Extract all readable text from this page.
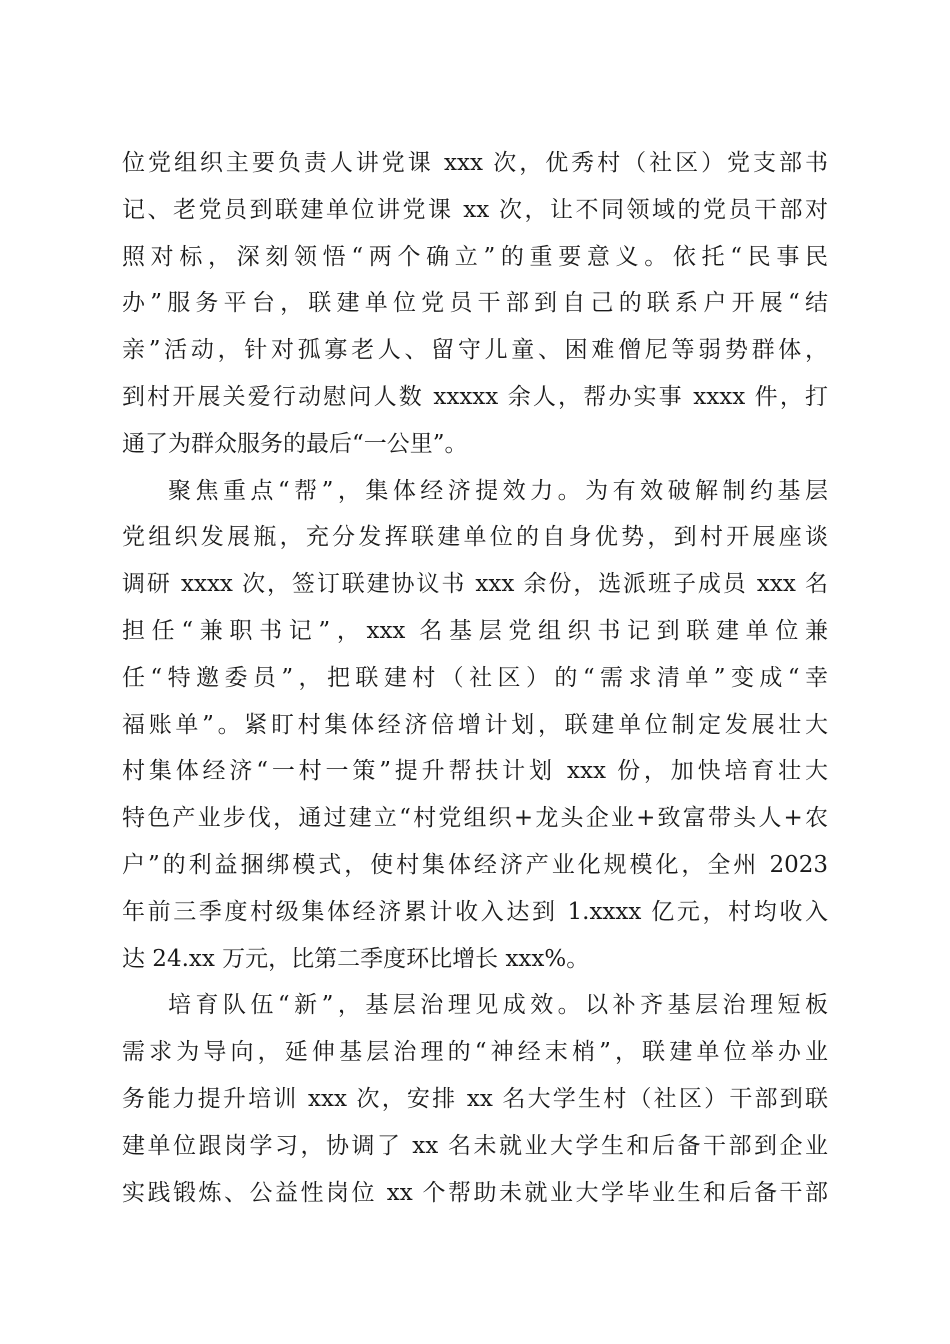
位党组织主要负责人讲党课 xxx 次，优秀村（社区）党支部书
记、老党员到联建单位讲党课 xx 次，让不同领域的党员干部对
照对标，深刻领悟“两个确立”的重要意义。依托“民事民
办”服务平台，联建单位党员干部到自己的联系户开展“结
亲”活动，针对孤寡老人、留守儿童、困难僧尼等弱势群体，
到村开展关爱行动慰问人数 xxxxx 余人，帮办实事 xxxx 件，打
通了为群众服务的最后“一公里”。
聚焦重点“帮”，集体经济提效力。为有效破解制约基层
党组织发展瓶，充分发挥联建单位的自身优势，到村开展座谈
调研 xxxx 次，签订联建协议书 xxx 余份，选派班子成员 xxx 名
担任“兼职书记”，xxx 名基层党组织书记到联建单位兼
任“特邀委员”，把联建村（社区）的“需求清单”变成“幸
福账单”。紧盯村集体经济倍增计划，联建单位制定发展壮大
村集体经济“一村一策”提升帮扶计划 xxx 份，加快培育壮大
特色产业步伐，通过建立“村党组织+龙头企业+致富带头人+农
户”的利益捆绑模式，使村集体经济产业化规模化，全州 2023
年前三季度村级集体经济累计收入达到 1.xxxx 亿元，村均收入
达 24.xx 万元，比第二季度环比增长 xxx%。
培育队伍“新”，基层治理见成效。以补齐基层治理短板
需求为导向，延伸基层治理的“神经末梢”，联建单位举办业
务能力提升培训 xxx 次，安排 xx 名大学生村（社区）干部到联
建单位跟岗学习，协调了 xx 名未就业大学生和后备干部到企业
实践锻炼、公益性岗位 xx 个帮助未就业大学毕业生和后备干部
